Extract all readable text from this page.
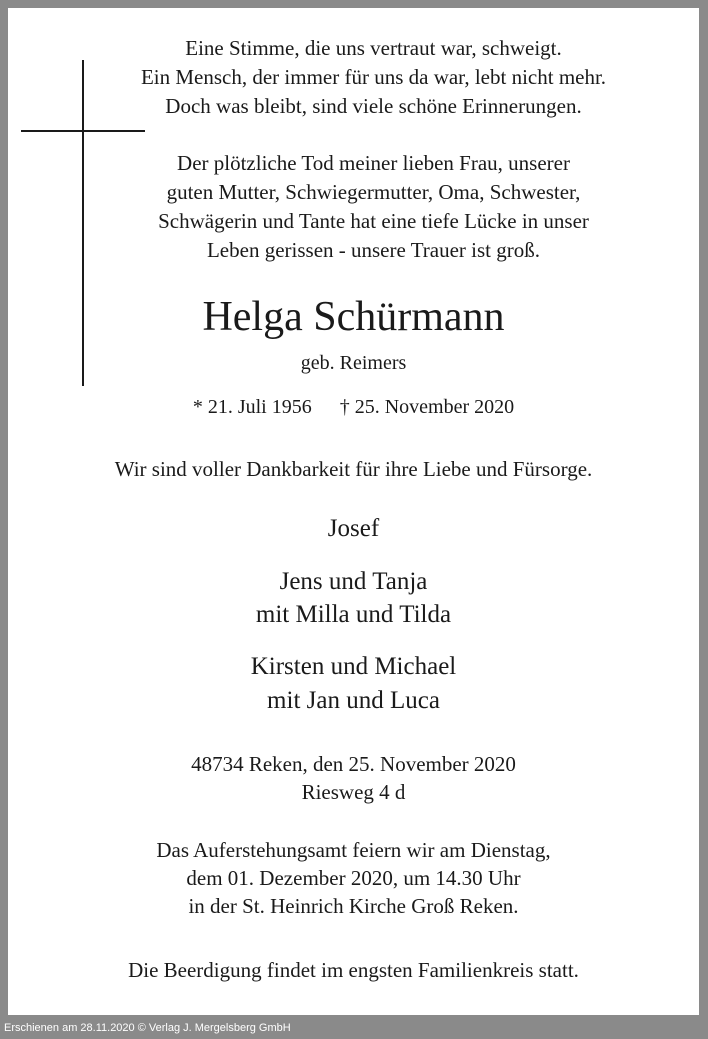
Eine Stimme, die uns vertraut war, schweigt.
Ein Mensch, der immer für uns da war, lebt nicht mehr.
Doch was bleibt, sind viele schöne Erinnerungen.
Der plötzliche Tod meiner lieben Frau, unserer
guten Mutter, Schwiegermutter, Oma, Schwester,
Schwägerin und Tante hat eine tiefe Lücke in unser
Leben gerissen - unsere Trauer ist groß.
Helga Schürmann
geb. Reimers
* 21. Juli 1956 † 25. November 2020
Wir sind voller Dankbarkeit für ihre Liebe und Fürsorge.
Josef
Jens und Tanja
mit Milla und Tilda
Kirsten und Michael
mit Jan und Luca
48734 Reken, den 25. November 2020
Riesweg 4 d
Das Auferstehungsamt feiern wir am Dienstag,
dem 01. Dezember 2020, um 14.30 Uhr
in der St. Heinrich Kirche Groß Reken.
Die Beerdigung findet im engsten Familienkreis statt.
Erschienen am 28.11.2020 © Verlag J. Mergelsberg GmbH
